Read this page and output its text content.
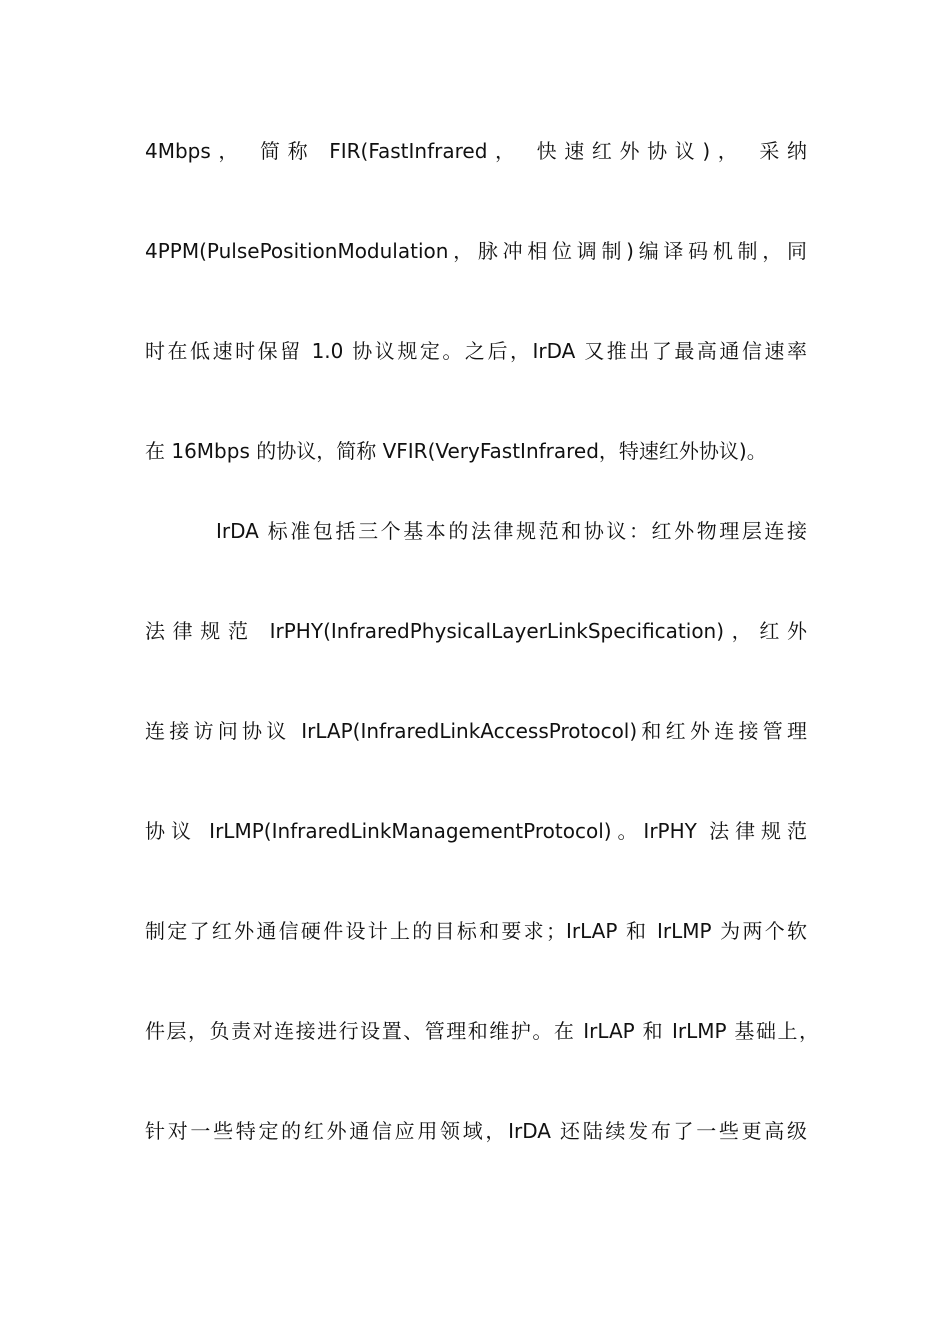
4Mbps， 简称 FIR(FastInfrared， 快速红外协议)， 采纳
4PPM(PulsePositionModulation，脉冲相位调制)编译码机制，同
时在低速时保留 1.0 协议规定。之后，IrDA 又推出了最高通信速率
在 16Mbps 的协议，简称 VFIR(VeryFastInfrared，特速红外协议)。
IrDA 标准包括三个基本的法律规范和协议：红外物理层连接
法律规范 IrPHY(InfraredPhysicalLayerLinkSpecification)，红外
连接访问协议 IrLAP(InfraredLinkAccessProtocol)和红外连接管理
协议 IrLMP(InfraredLinkManagementProtocol)。IrPHY 法律规范
制定了红外通信硬件设计上的目标和要求；IrLAP 和 IrLMP 为两个软
件层，负责对连接进行设置、管理和维护。在 IrLAP 和 IrLMP 基础上，
针对一些特定的红外通信应用领域，IrDA 还陆续发布了一些更高级
